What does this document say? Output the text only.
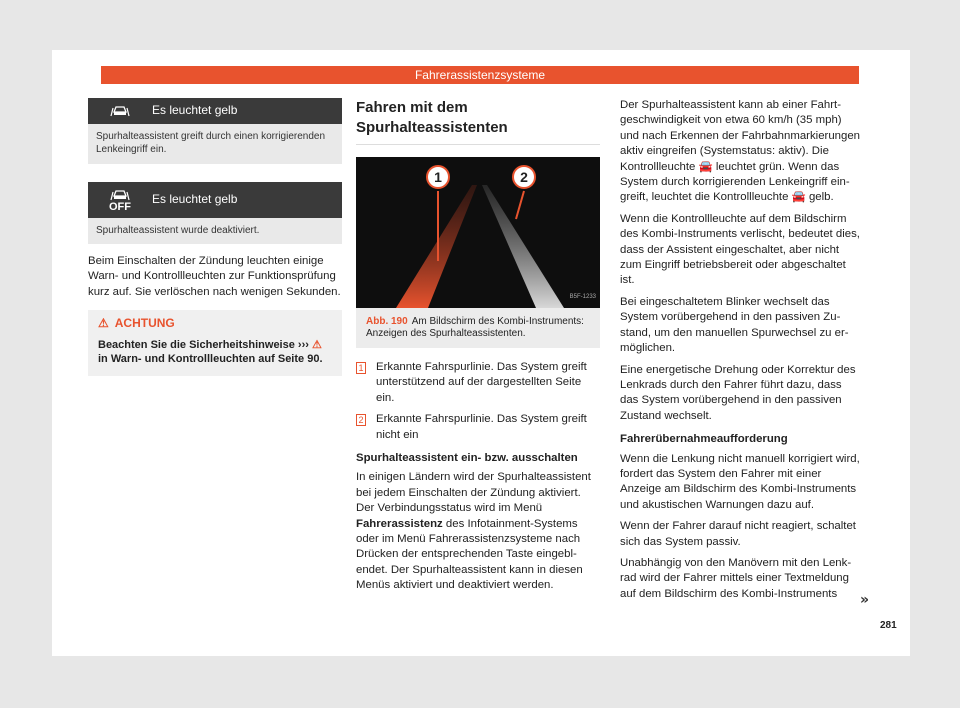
Fahrerassistenzsysteme
Es leuchtet gelb
Spurhalteassistent greift durch einen korrigierenden Lenkeingriff ein.
OFF
Es leuchtet gelb
Spurhalteassistent wurde deaktiviert.

Beim Einschalten der Zündung leuchten einige Warn- und Kontrollleuchten zur Funktionsprüfung kurz auf. Sie verlöschen nach wenigen Sekunden.

⚠ ACHTUNG
Beachten Sie die Sicherheitshinweise ››› ⚠ in Warn- und Kontrollleuchten auf Seite 90.
Fahren mit dem Spurhalteassistenten
1	2
B5F-1233
Abb. 190 Am Bildschirm des Kombi-Instruments: Anzeigen des Spurhalteassistenten.
1 Erkannte Fahrspurlinie. Das System greift unterstützend auf der dargestellten Seite ein.
2 Erkannte Fahrspurlinie. Das System greift nicht ein
Spurhalteassistent ein- bzw. ausschalten

In einigen Ländern wird der Spurhalteassistent bei jedem Einschalten der Zündung aktiviert. Der Verbindungsstatus wird im Menü Fahrerassistenz des Infotainment-Systems oder im Menü Fahrerassistenzsysteme nach Drücken der entsprechenden Taste eingeblendet. Der Spurhalteassistent kann in diesen Menüs aktiviert und deaktiviert werden.

Der Spurhalteassistent kann ab einer Fahrtgeschwindigkeit von etwa 60 km/h (35 mph) und nach Erkennen der Fahrbahnmarkierungen aktiv eingreifen (Systemstatus: aktiv). Die Kontrollleuchte 🚘 leuchtet grün. Wenn das System durch korrigierenden Lenkeingriff eingreift, leuchtet die Kontrollleuchte 🚘 gelb.

Wenn die Kontrollleuchte auf dem Bildschirm des Kombi-Instruments verlischt, bedeutet dies, dass der Assistent eingeschaltet, aber nicht zum Eingriff betriebsbereit oder abgeschaltet ist.

Bei eingeschaltetem Blinker wechselt das System vorübergehend in den passiven Zustand, um den manuellen Spurwechsel zu ermöglichen.

Eine energetische Drehung oder Korrektur des Lenkrads durch den Fahrer führt dazu, dass das System vorübergehend in den passiven Zustand wechselt.

Fahrerübernahmeaufforderung

Wenn die Lenkung nicht manuell korrigiert wird, fordert das System den Fahrer mit einer Anzeige am Bildschirm des Kombi-Instruments und akustischen Warnungen dazu auf.

Wenn der Fahrer darauf nicht reagiert, schaltet sich das System passiv.

Unabhängig von den Manövern mit den Lenkrad wird der Fahrer mittels einer Textmeldung auf dem Bildschirm des Kombi-Instruments	»
281
